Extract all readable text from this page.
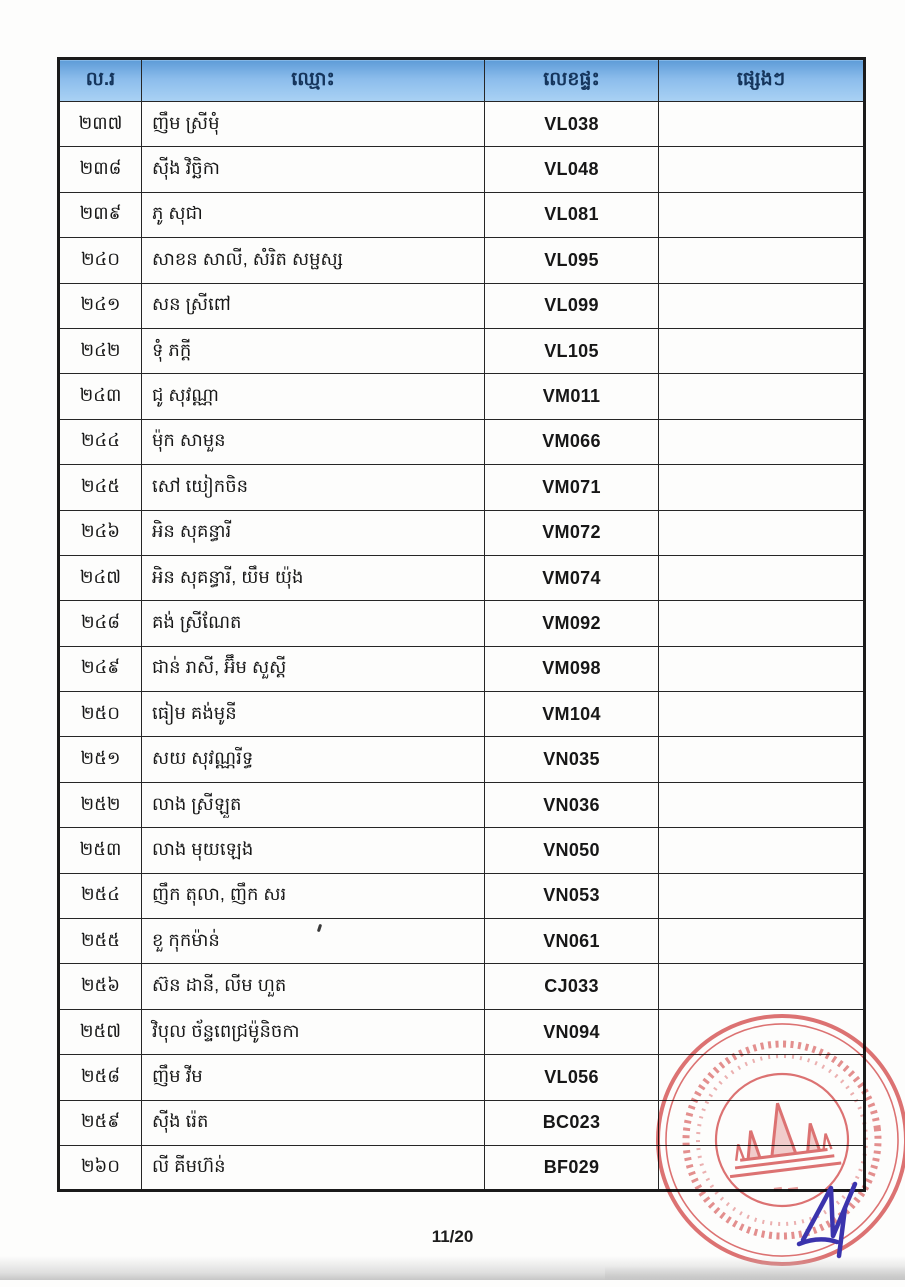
ល.រ	ឈ្មោះ	លេខផ្ទះ	ផ្សេងៗ
២៣៧	ញឹម ស្រីមុំ	VL038	
២៣៨	ស៊ីង វិច្ឆិកា	VL048	
២៣៩	ភូ សុជា	VL081	
២៤០	សាខន សាលី, សំរិត សម្ផស្ស	VL095	
២៤១	សន ស្រីពៅ	VL099	
២៤២	ទុំ ភក្ដី	VL105	
២៤៣	ជូ សុវណ្ណា	VM011	
២៤៤	ម៉ុក សាមួន	VM066	
២៤៥	សៅ យៀកចិន	VM071	
២៤៦	អិន សុគន្ធារី	VM072	
២៤៧	អិន សុគន្ធារី, យឹម យ៉ុង	VM074	
២៤៨	គង់ ស្រីណែត	VM092	
២៤៩	ជាន់ រាសី, អ៊ឹម សួស្ដី	VM098	
២៥០	ធៀម គង់មូនី	VM104	
២៥១	សយ សុវណ្ណរីទ្ធ	VN035	
២៥២	លាង ស្រីឡួត	VN036	
២៥៣	លាង មុយឡេង	VN050	
២៥៤	ញឹក តុលា, ញឹក សរ	VN053	
២៥៥	ខួ កុកម៉ាន់	VN061	
២៥៦	ស៊ន ដានី, លីម ហួត	CJ033	
២៥៧	វិបុល ច័ន្ទពេជ្រម៉ូនិចកា	VN094	
២៥៨	ញឹម វីម	VL056	
២៥៩	ស៊ីង រ៉េត	BC023	
២៦០	លី គីមហ៊ន់	BF029	
11/20
